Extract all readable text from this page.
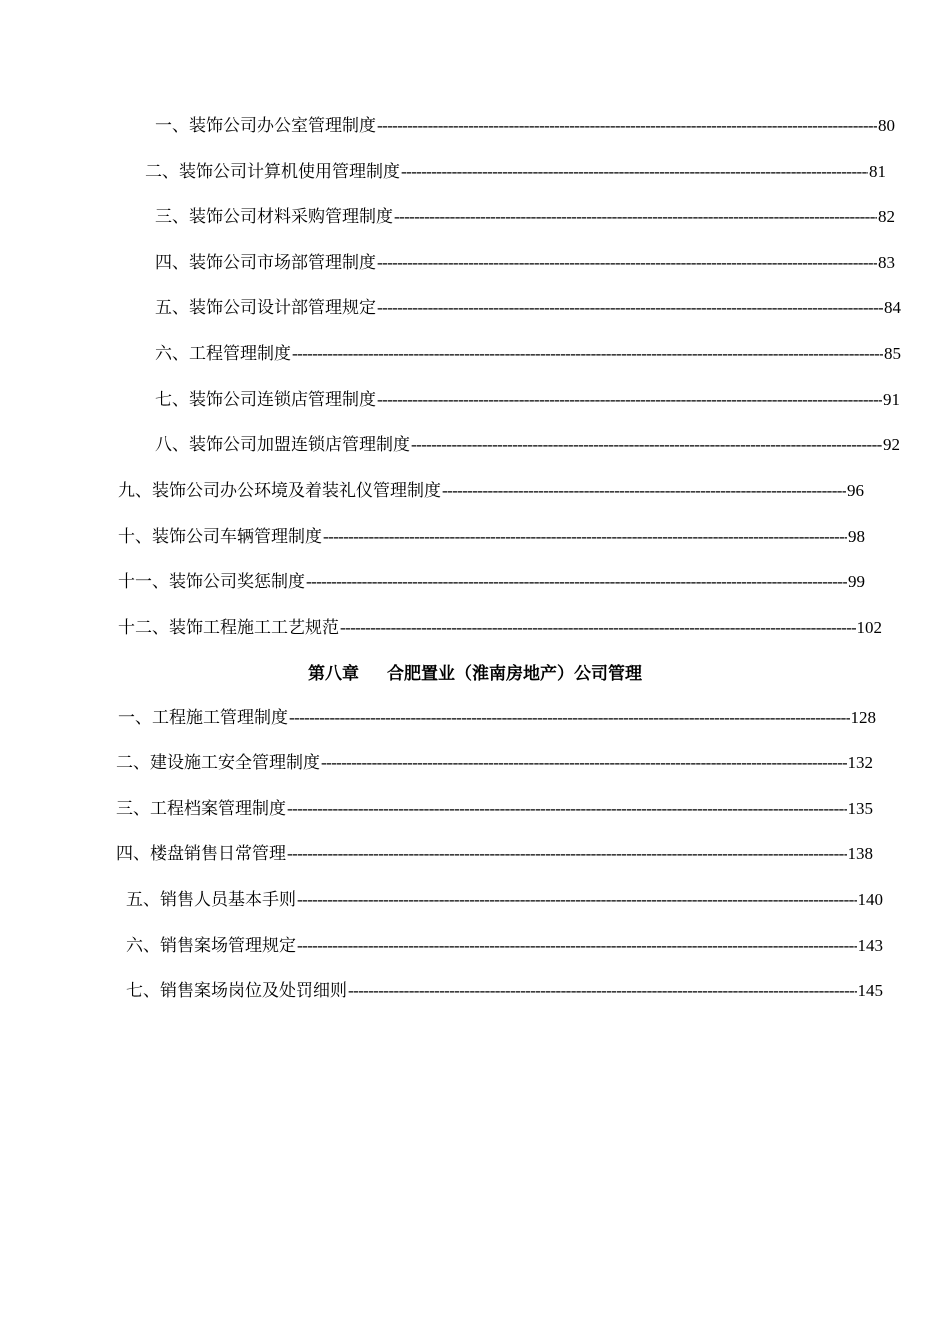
一、装饰公司办公室管理制度 -----	80
二、装饰公司计算机使用管理制度 -----	81
三、装饰公司材料采购管理制度 -----	82
四、装饰公司市场部管理制度 -----	83
五、装饰公司设计部管理规定 -----	84
六、工程管理制度 -----	85
七、装饰公司连锁店管理制度 -----	91
八、装饰公司加盟连锁店管理制度 -----	92
九、装饰公司办公环境及着装礼仪管理制度 -----	96
十、装饰公司车辆管理制度 -----	98
十一、装饰公司奖惩制度 -----	99
十二、装饰工程施工工艺规范 -----	102
第八章 合肥置业（淮南房地产）公司管理
一、工程施工管理制度 -----	128
二、建设施工安全管理制度 -----	132
三、工程档案管理制度 -----	135
四、楼盘销售日常管理 -----	138
五、销售人员基本手则 -----	140
六、销售案场管理规定 -----	143
七、销售案场岗位及处罚细则 -----	145
